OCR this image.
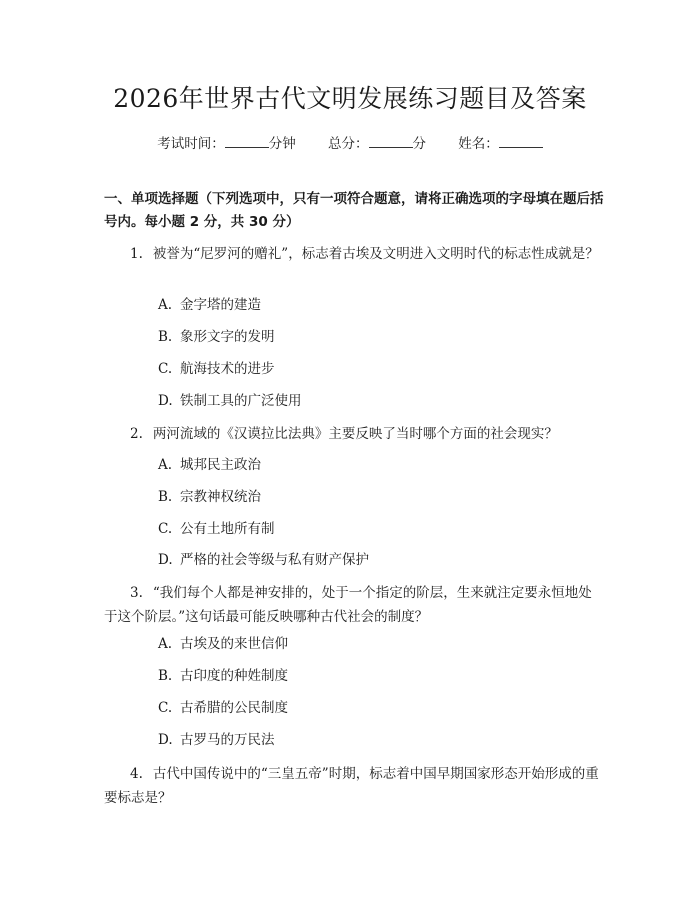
2026年世界古代文明发展练习题目及答案
考试时间：	分钟 总分：	分 姓名：
一、单项选择题（下列选项中，只有一项符合题意，请将正确选项的字母填在题后括号内。每小题 2 分，共 30 分）
1. 被誉为“尼罗河的赠礼”，标志着古埃及文明进入文明时代的标志性成就是？
A. 金字塔的建造
B. 象形文字的发明
C. 航海技术的进步
D. 铁制工具的广泛使用
2. 两河流域的《汉谟拉比法典》主要反映了当时哪个方面的社会现实？
A. 城邦民主政治
B. 宗教神权统治
C. 公有土地所有制
D. 严格的社会等级与私有财产保护
3. “我们每个人都是神安排的，处于一个指定的阶层，生来就注定要永恒地处于这个阶层。”这句话最可能反映哪种古代社会的制度？
A. 古埃及的来世信仰
B. 古印度的种姓制度
C. 古希腊的公民制度
D. 古罗马的万民法
4. 古代中国传说中的“三皇五帝”时期，标志着中国早期国家形态开始形成的重要标志是？
